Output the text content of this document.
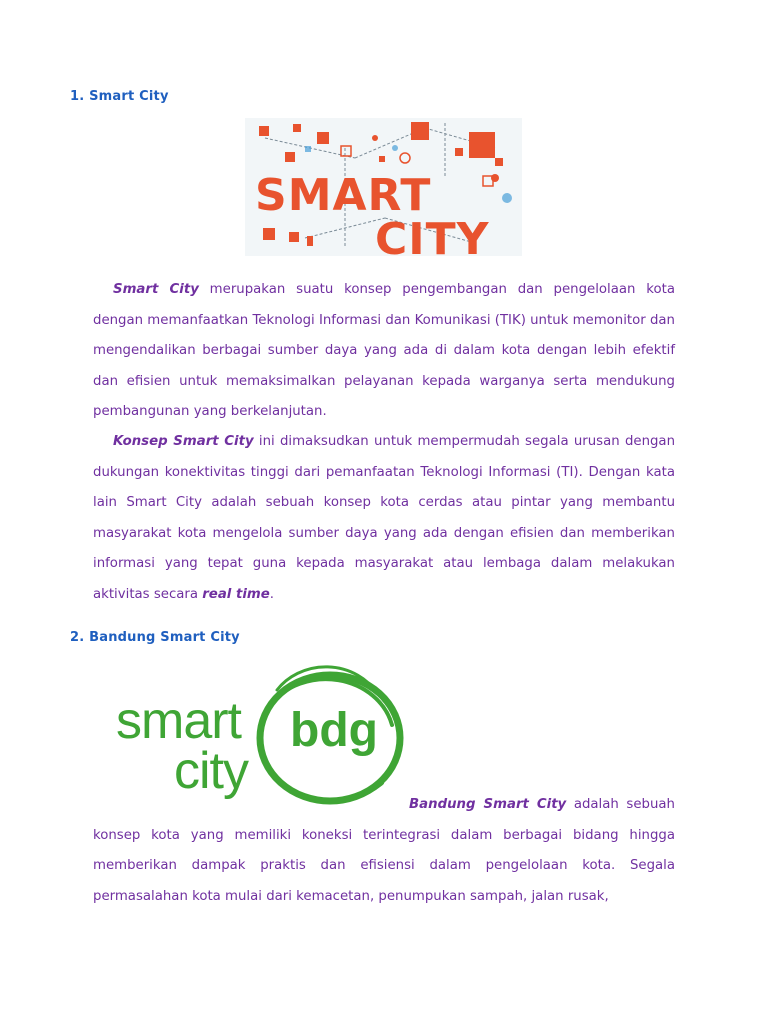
1. Smart City
SMART
CITY

Smart City merupakan suatu konsep pengembangan dan pengelolaan kota dengan memanfaatkan Teknologi Informasi dan Komunikasi (TIK) untuk memonitor dan mengendalikan berbagai sumber daya yang ada di dalam kota dengan lebih efektif dan efisien untuk memaksimalkan pelayanan kepada warganya serta mendukung pembangunan yang berkelanjutan.

Konsep Smart City ini dimaksudkan untuk mempermudah segala urusan dengan dukungan konektivitas tinggi dari pemanfaatan Teknologi Informasi (TI). Dengan kata lain Smart City adalah sebuah konsep kota cerdas atau pintar yang membantu masyarakat kota mengelola sumber daya yang ada dengan efisien dan memberikan informasi yang tepat guna kepada masyarakat atau lembaga dalam melakukan aktivitas secara real time.

2. Bandung Smart City
smart
city
bdg

Bandung Smart City adalah sebuah konsep kota yang memiliki koneksi terintegrasi dalam berbagai bidang hingga memberikan dampak praktis dan efisiensi dalam pengelolaan kota. Segala permasalahan kota mulai dari kemacetan, penumpukan sampah, jalan rusak,
